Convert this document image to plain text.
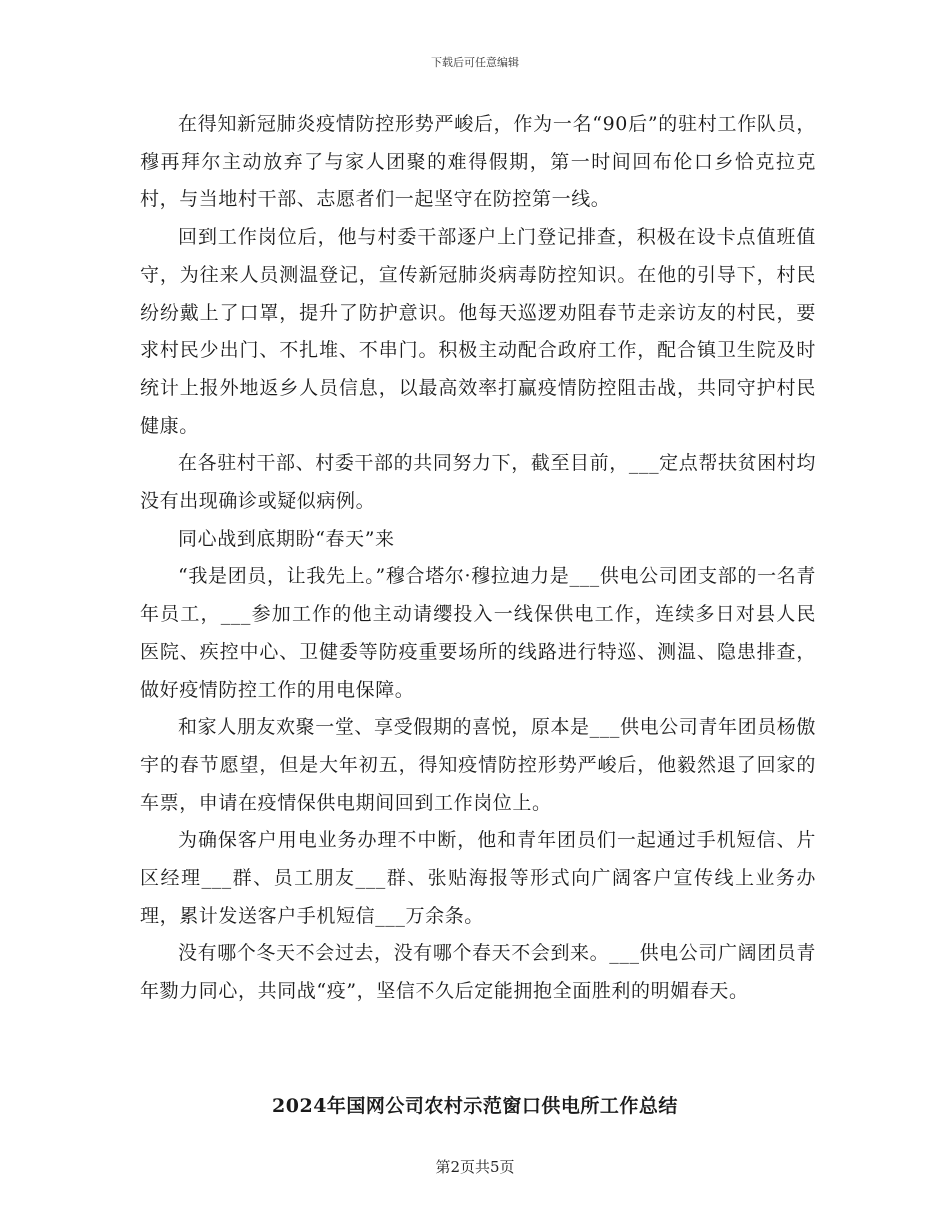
下载后可任意编辑

在得知新冠肺炎疫情防控形势严峻后，作为一名“90后”的驻村工作队员，穆再拜尔主动放弃了与家人团聚的难得假期，第一时间回布伦口乡恰克拉克村，与当地村干部、志愿者们一起坚守在防控第一线。

回到工作岗位后，他与村委干部逐户上门登记排查，积极在设卡点值班值守，为往来人员测温登记，宣传新冠肺炎病毒防控知识。在他的引导下，村民纷纷戴上了口罩，提升了防护意识。他每天巡逻劝阻春节走亲访友的村民，要求村民少出门、不扎堆、不串门。积极主动配合政府工作，配合镇卫生院及时统计上报外地返乡人员信息，以最高效率打赢疫情防控阻击战，共同守护村民健康。

在各驻村干部、村委干部的共同努力下，截至目前，___定点帮扶贫困村均没有出现确诊或疑似病例。

同心战到底期盼“春天”来

“我是团员，让我先上。”穆合塔尔·穆拉迪力是___供电公司团支部的一名青年员工，___参加工作的他主动请缨投入一线保供电工作，连续多日对县人民医院、疾控中心、卫健委等防疫重要场所的线路进行特巡、测温、隐患排查，做好疫情防控工作的用电保障。

和家人朋友欢聚一堂、享受假期的喜悦，原本是___供电公司青年团员杨傲宇的春节愿望，但是大年初五，得知疫情防控形势严峻后，他毅然退了回家的车票，申请在疫情保供电期间回到工作岗位上。

为确保客户用电业务办理不中断，他和青年团员们一起通过手机短信、片区经理___群、员工朋友___群、张贴海报等形式向广阔客户宣传线上业务办理，累计发送客户手机短信___万余条。

没有哪个冬天不会过去，没有哪个春天不会到来。___供电公司广阔团员青年勠力同心，共同战“疫”，坚信不久后定能拥抱全面胜利的明媚春天。

2024年国网公司农村示范窗口供电所工作总结
第2页共5页
